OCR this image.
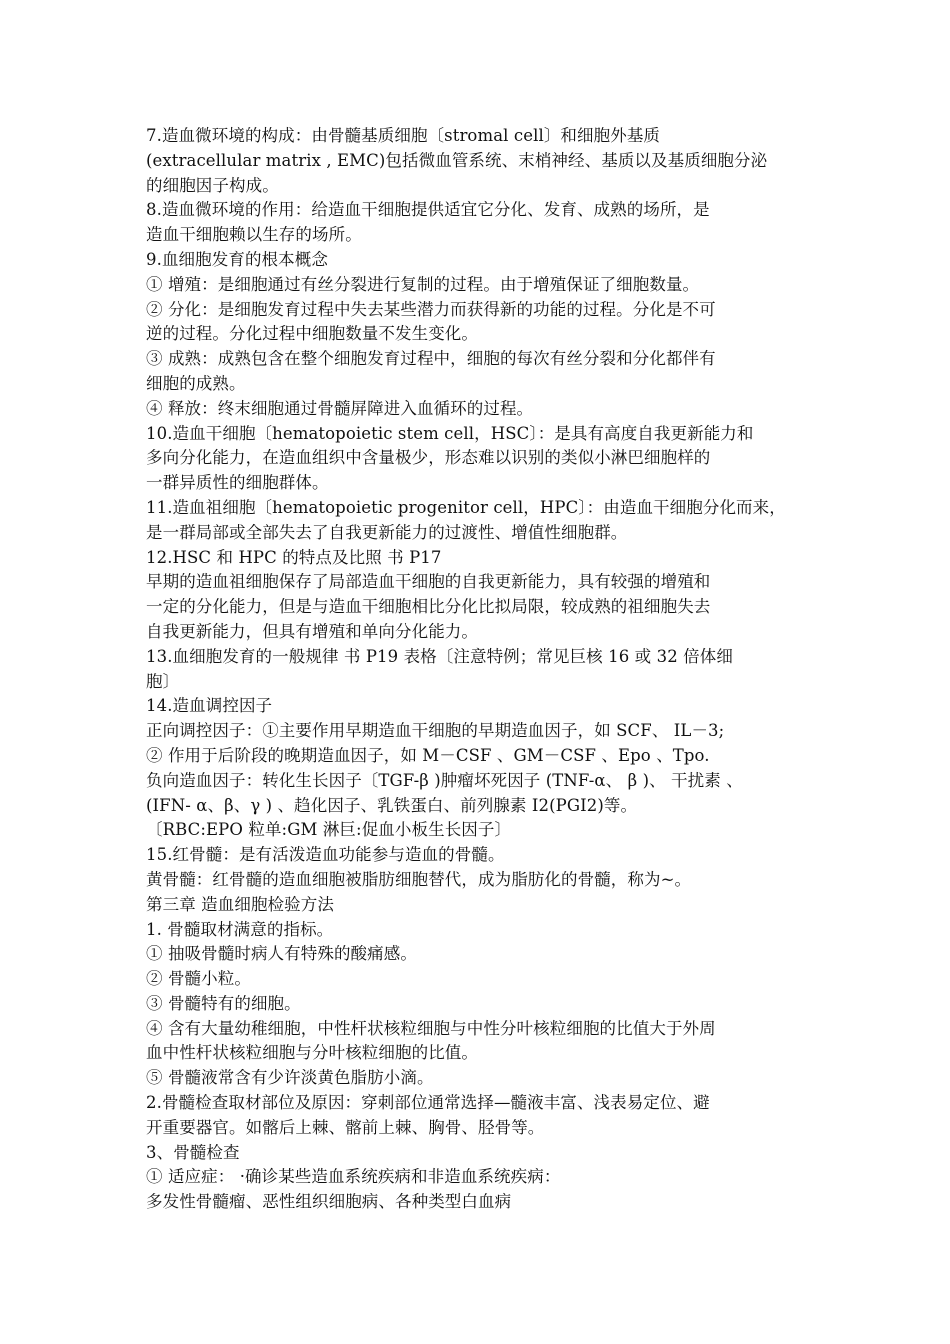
7.造血微环境的构成：由骨髓基质细胞〔stromal cell〕和细胞外基质
(extracellular matrix , EMC)包括微血管系统、末梢神经、基质以及基质细胞分泌
的细胞因子构成。
8.造血微环境的作用：给造血干细胞提供适宜它分化、发育、成熟的场所，是
造血干细胞赖以生存的场所。
9.血细胞发育的根本概念
① 增殖：是细胞通过有丝分裂进行复制的过程。由于增殖保证了细胞数量。
② 分化：是细胞发育过程中失去某些潜力而获得新的功能的过程。分化是不可
逆的过程。分化过程中细胞数量不发生变化。
③ 成熟：成熟包含在整个细胞发育过程中，细胞的每次有丝分裂和分化都伴有
细胞的成熟。
④ 释放：终末细胞通过骨髓屏障进入血循环的过程。
10.造血干细胞〔hematopoietic stem cell，HSC〕：是具有高度自我更新能力和
多向分化能力，在造血组织中含量极少，形态难以识别的类似小淋巴细胞样的
一群异质性的细胞群体。
11.造血祖细胞〔hematopoietic progenitor cell，HPC〕：由造血干细胞分化而来，
是一群局部或全部失去了自我更新能力的过渡性、增值性细胞群。
12.HSC 和 HPC 的特点及比照 书 P17
早期的造血祖细胞保存了局部造血干细胞的自我更新能力，具有较强的增殖和
一定的分化能力，但是与造血干细胞相比分化比拟局限，较成熟的祖细胞失去
自我更新能力，但具有增殖和单向分化能力。
13.血细胞发育的一般规律 书 P19 表格〔注意特例；常见巨核 16 或 32 倍体细
胞〕
14.造血调控因子
正向调控因子：①主要作用早期造血干细胞的早期造血因子，如 SCF、 IL－3;
② 作用于后阶段的晚期造血因子，如 M－CSF 、GM－CSF 、Epo 、Tpo.
负向造血因子：转化生长因子〔TGF-β )肿瘤坏死因子 (TNF-α、 β )、 干扰素 、
(IFN- α、β、γ ) 、趋化因子、乳铁蛋白、前列腺素 I2(PGI2)等。
〔RBC:EPO 粒单:GM 淋巨:促血小板生长因子〕
15.红骨髓：是有活泼造血功能参与造血的骨髓。
黄骨髓：红骨髓的造血细胞被脂肪细胞替代，成为脂肪化的骨髓，称为~。
第三章 造血细胞检验方法
1. 骨髓取材满意的指标。
① 抽吸骨髓时病人有特殊的酸痛感。
② 骨髓小粒。
③ 骨髓特有的细胞。
④ 含有大量幼稚细胞，中性杆状核粒细胞与中性分叶核粒细胞的比值大于外周
血中性杆状核粒细胞与分叶核粒细胞的比值。
⑤ 骨髓液常含有少许淡黄色脂肪小滴。
2.骨髓检查取材部位及原因：穿刺部位通常选择—髓液丰富、浅表易定位、避
开重要器官。如髂后上棘、髂前上棘、胸骨、胫骨等。
3、骨髓检查
① 适应症： ·确诊某些造血系统疾病和非造血系统疾病：
多发性骨髓瘤、恶性组织细胞病、各种类型白血病
